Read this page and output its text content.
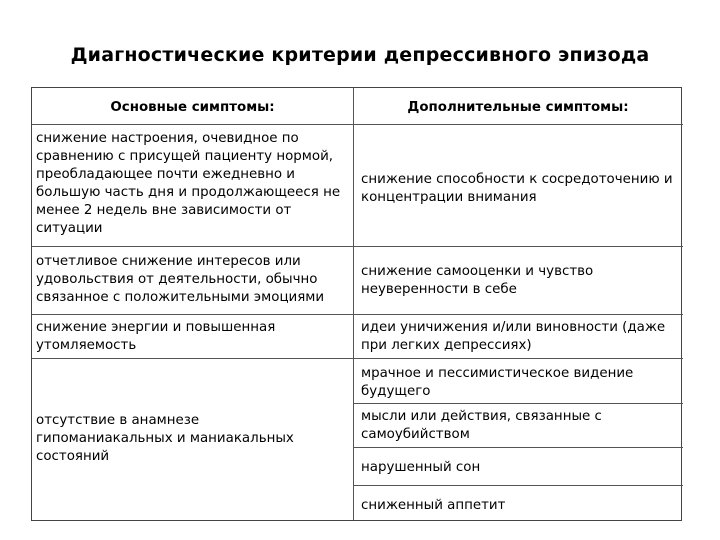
Диагностические критерии депрессивного эпизода
Основные симптомы:	Дополнительные симптомы:
снижение настроения, очевидное по сравнению с присущей пациенту нормой, преобладающее почти ежедневно и большую часть дня и продолжающееся не менее 2 недель вне зависимости от ситуации
снижение способности к сосредоточению и концентрации внимания
отчетливое снижение интересов или удовольствия от деятельности, обычно связанное с положительными эмоциями
снижение самооценки и чувство неуверенности в себе
снижение энергии и повышенная утомляемость
идеи уничижения и/или виновности (даже при легких депрессиях)
отсутствие в анамнезе гипоманиакальных и маниакальных состояний
мрачное и пессимистическое видение будущего
мысли или действия, связанные с самоубийством
нарушенный сон
сниженный аппетит
